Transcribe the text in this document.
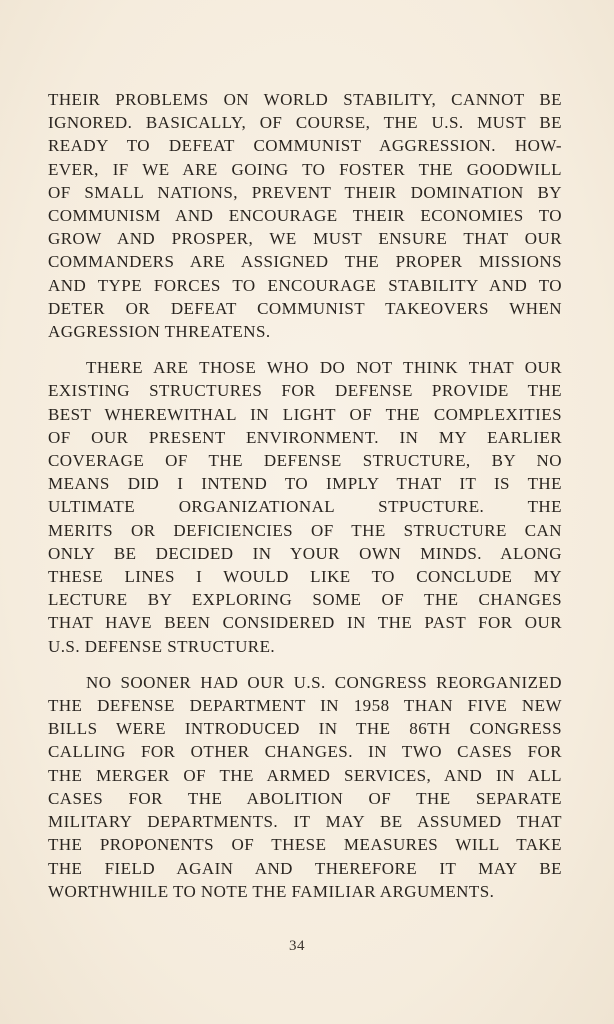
THEIR PROBLEMS ON WORLD STABILITY, CANNOT BE
IGNORED. BASICALLY, OF COURSE, THE U.S. MUST BE
READY TO DEFEAT COMMUNIST AGGRESSION. HOW-
EVER, IF WE ARE GOING TO FOSTER THE GOODWILL
OF SMALL NATIONS, PREVENT THEIR DOMINATION BY
COMMUNISM AND ENCOURAGE THEIR ECONOMIES TO
GROW AND PROSPER, WE MUST ENSURE THAT OUR
COMMANDERS ARE ASSIGNED THE PROPER MISSIONS
AND TYPE FORCES TO ENCOURAGE STABILITY AND TO
DETER OR DEFEAT COMMUNIST TAKEOVERS WHEN
AGGRESSION THREATENS.

THERE ARE THOSE WHO DO NOT THINK THAT OUR
EXISTING STRUCTURES FOR DEFENSE PROVIDE THE
BEST WHEREWITHAL IN LIGHT OF THE COMPLEXITIES
OF OUR PRESENT ENVIRONMENT. IN MY EARLIER
COVERAGE OF THE DEFENSE STRUCTURE, BY NO
MEANS DID I INTEND TO IMPLY THAT IT IS THE
ULTIMATE ORGANIZATIONAL STPUCTURE. THE
MERITS OR DEFICIENCIES OF THE STRUCTURE CAN
ONLY BE DECIDED IN YOUR OWN MINDS. ALONG
THESE LINES I WOULD LIKE TO CONCLUDE MY
LECTURE BY EXPLORING SOME OF THE CHANGES
THAT HAVE BEEN CONSIDERED IN THE PAST FOR OUR
U.S. DEFENSE STRUCTURE.

NO SOONER HAD OUR U.S. CONGRESS REORGANIZED
THE DEFENSE DEPARTMENT IN 1958 THAN FIVE NEW
BILLS WERE INTRODUCED IN THE 86TH CONGRESS
CALLING FOR OTHER CHANGES. IN TWO CASES FOR
THE MERGER OF THE ARMED SERVICES, AND IN ALL
CASES FOR THE ABOLITION OF THE SEPARATE
MILITARY DEPARTMENTS. IT MAY BE ASSUMED THAT
THE PROPONENTS OF THESE MEASURES WILL TAKE
THE FIELD AGAIN AND THEREFORE IT MAY BE
WORTHWHILE TO NOTE THE FAMILIAR ARGUMENTS.

34
